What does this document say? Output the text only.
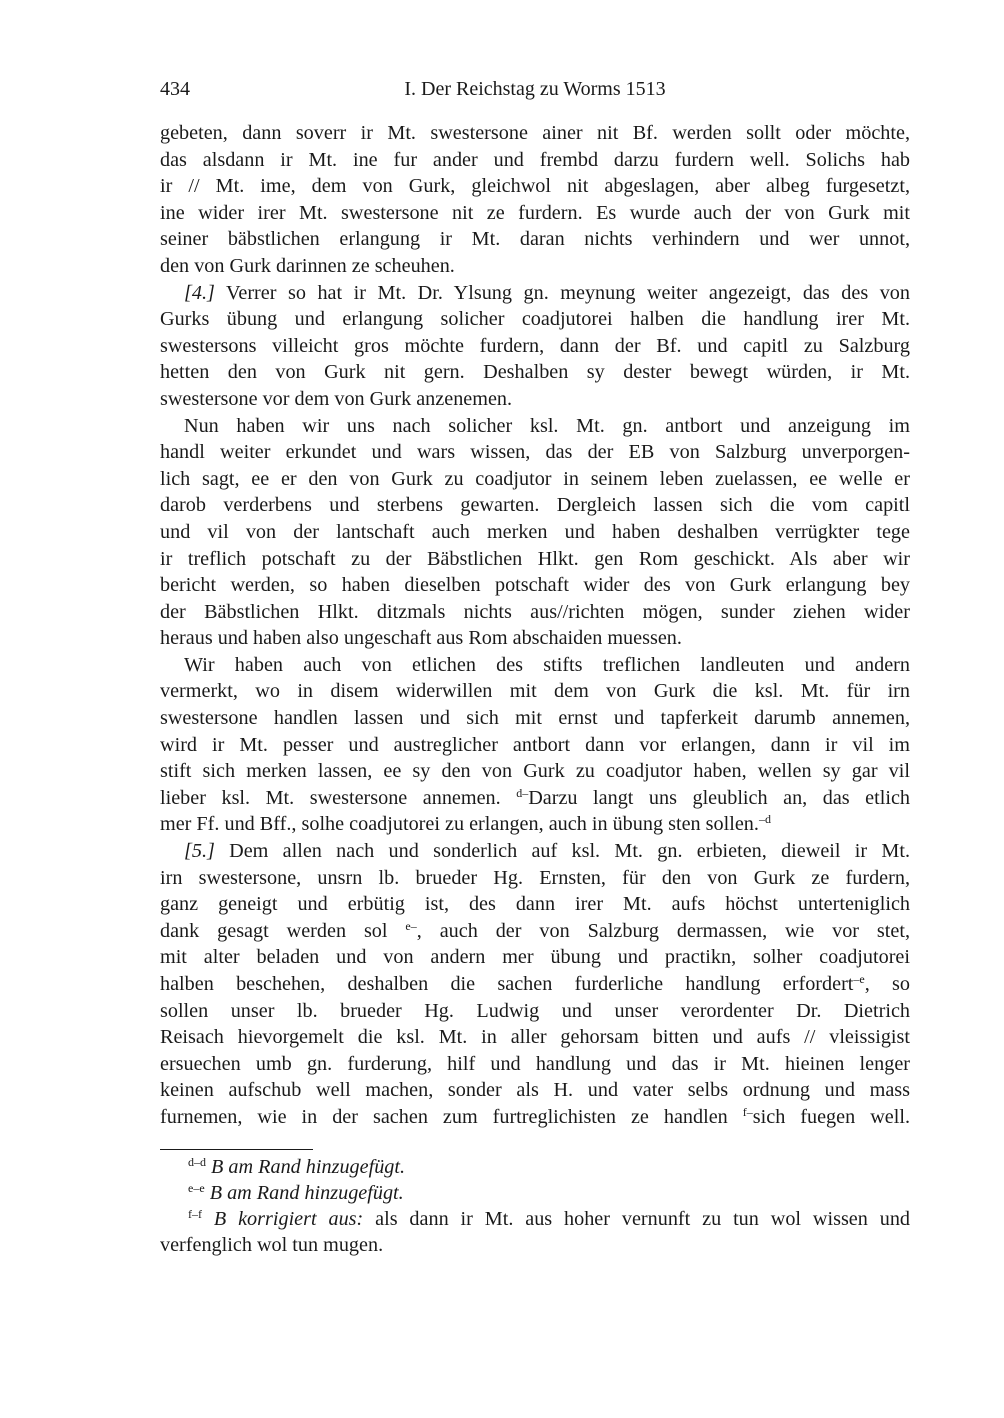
434	I. Der Reichstag zu Worms 1513
gebeten, dann soverr ir Mt. swestersone ainer nit Bf. werden sollt oder möchte,
das alsdann ir Mt. ine fur ander und frembd darzu furdern well. Solichs hab
ir // Mt. ime, dem von Gurk, gleichwol nit abgeslagen, aber albeg furgesetzt,
ine wider irer Mt. swestersone nit ze furdern. Es wurde auch der von Gurk mit
seiner bäbstlichen erlangung ir Mt. daran nichts verhindern und wer unnot,
den von Gurk darinnen ze scheuhen.
[4.] Verrer so hat ir Mt. Dr. Ylsung gn. meynung weiter angezeigt, das des von
Gurks übung und erlangung solicher coadjutorei halben die handlung irer Mt.
swestersons villeicht gros möchte furdern, dann der Bf. und capitl zu Salzburg
hetten den von Gurk nit gern. Deshalben sy dester bewegt würden, ir Mt.
swestersone vor dem von Gurk anzenemen.
Nun haben wir uns nach solicher ksl. Mt. gn. antbort und anzeigung im
handl weiter erkundet und wars wissen, das der EB von Salzburg unverporgen-
lich sagt, ee er den von Gurk zu coadjutor in seinem leben zuelassen, ee welle er
darob verderbens und sterbens gewarten. Dergleich lassen sich die vom capitl
und vil von der lantschaft auch merken und haben deshalben verrügkter tege
ir treflich potschaft zu der Bäbstlichen Hlkt. gen Rom geschickt. Als aber wir
bericht werden, so haben dieselben potschaft wider des von Gurk erlangung bey
der Bäbstlichen Hlkt. ditzmals nichts aus//richten mögen, sunder ziehen wider
heraus und haben also ungeschaft aus Rom abschaiden muessen.
Wir haben auch von etlichen des stifts treflichen landleuten und andern
vermerkt, wo in disem widerwillen mit dem von Gurk die ksl. Mt. für irn
swestersone handlen lassen und sich mit ernst und tapferkeit darumb annemen,
wird ir Mt. pesser und austreglicher antbort dann vor erlangen, dann ir vil im
stift sich merken lassen, ee sy den von Gurk zu coadjutor haben, wellen sy gar vil
lieber ksl. Mt. swestersone annemen. $^{d-}$Darzu langt uns gleublich an, das etlich
mer Ff. und Bff., solhe coadjutorei zu erlangen, auch in übung sten sollen.$^{-d}$
[5.] Dem allen nach und sonderlich auf ksl. Mt. gn. erbieten, dieweil ir Mt.
irn swestersone, unsrn lb. brueder Hg. Ernsten, für den von Gurk ze furdern,
ganz geneigt und erbütig ist, des dann irer Mt. aufs höchst unterteniglich
dank gesagt werden sol $^{e-}$, auch der von Salzburg dermassen, wie vor stet,
mit alter beladen und von andern mer übung und practikn, solher coadjutorei
halben beschehen, deshalben die sachen furderliche handlung erfordert$^{-e}$, so
sollen unser lb. brueder Hg. Ludwig und unser verordenter Dr. Dietrich
Reisach hievorgemelt die ksl. Mt. in aller gehorsam bitten und aufs // vleissigist
ersuechen umb gn. furderung, hilf und handlung und das ir Mt. hieinen lenger
keinen aufschub well machen, sonder als H. und vater selbs ordnung und mass
furnemen, wie in der sachen zum furtreglichisten ze handlen $^{f-}$sich fuegen well.
$^{d-d}$ B am Rand hinzugefügt.
$^{e-e}$ B am Rand hinzugefügt.
$^{f-f}$ B korrigiert aus: als dann ir Mt. aus hoher vernunft zu tun wol wissen und
verfenglich wol tun mugen.
